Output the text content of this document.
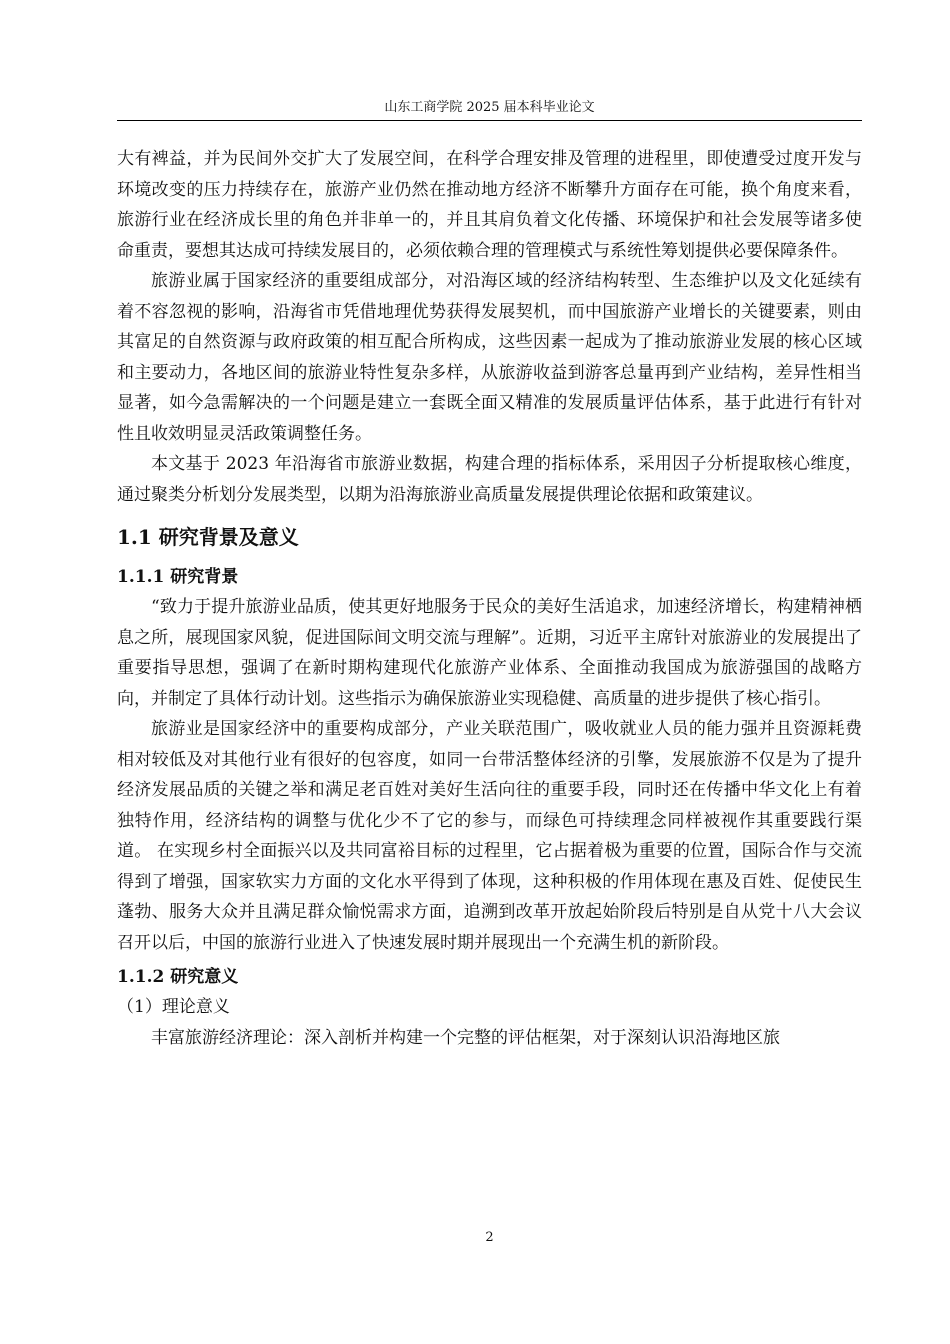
山东工商学院 2025 届本科毕业论文

大有裨益，并为民间外交扩大了发展空间，在科学合理安排及管理的进程里，即使遭受过度开发与环境改变的压力持续存在，旅游产业仍然在推动地方经济不断攀升方面存在可能，换个角度来看，旅游行业在经济成长里的角色并非单一的，并且其肩负着文化传播、环境保护和社会发展等诸多使命重责，要想其达成可持续发展目的，必须依赖合理的管理模式与系统性筹划提供必要保障条件。

旅游业属于国家经济的重要组成部分，对沿海区域的经济结构转型、生态维护以及文化延续有着不容忽视的影响，沿海省市凭借地理优势获得发展契机，而中国旅游产业增长的关键要素，则由其富足的自然资源与政府政策的相互配合所构成，这些因素一起成为了推动旅游业发展的核心区域和主要动力，各地区间的旅游业特性复杂多样，从旅游收益到游客总量再到产业结构，差异性相当显著，如今急需解决的一个问题是建立一套既全面又精准的发展质量评估体系，基于此进行有针对性且收效明显灵活政策调整任务。

本文基于 2023 年沿海省市旅游业数据，构建合理的指标体系，采用因子分析提取核心维度，通过聚类分析划分发展类型，以期为沿海旅游业高质量发展提供理论依据和政策建议。

1.1 研究背景及意义
1.1.1 研究背景

“致力于提升旅游业品质，使其更好地服务于民众的美好生活追求，加速经济增长，构建精神栖息之所，展现国家风貌，促进国际间文明交流与理解”。近期，习近平主席针对旅游业的发展提出了重要指导思想，强调了在新时期构建现代化旅游产业体系、全面推动我国成为旅游强国的战略方向，并制定了具体行动计划。这些指示为确保旅游业实现稳健、高质量的进步提供了核心指引。

旅游业是国家经济中的重要构成部分，产业关联范围广，吸收就业人员的能力强并且资源耗费相对较低及对其他行业有很好的包容度，如同一台带活整体经济的引擎，发展旅游不仅是为了提升经济发展品质的关键之举和满足老百姓对美好生活向往的重要手段，同时还在传播中华文化上有着独特作用，经济结构的调整与优化少不了它的参与，而绿色可持续理念同样被视作其重要践行渠道。 在实现乡村全面振兴以及共同富裕目标的过程里，它占据着极为重要的位置，国际合作与交流得到了增强，国家软实力方面的文化水平得到了体现，这种积极的作用体现在惠及百姓、促使民生蓬勃、服务大众并且满足群众愉悦需求方面，追溯到改革开放起始阶段后特别是自从党十八大会议召开以后，中国的旅游行业进入了快速发展时期并展现出一个充满生机的新阶段。

1.1.2 研究意义
（1）理论意义

丰富旅游经济理论：深入剖析并构建一个完整的评估框架，对于深刻认识沿海地区旅

2
